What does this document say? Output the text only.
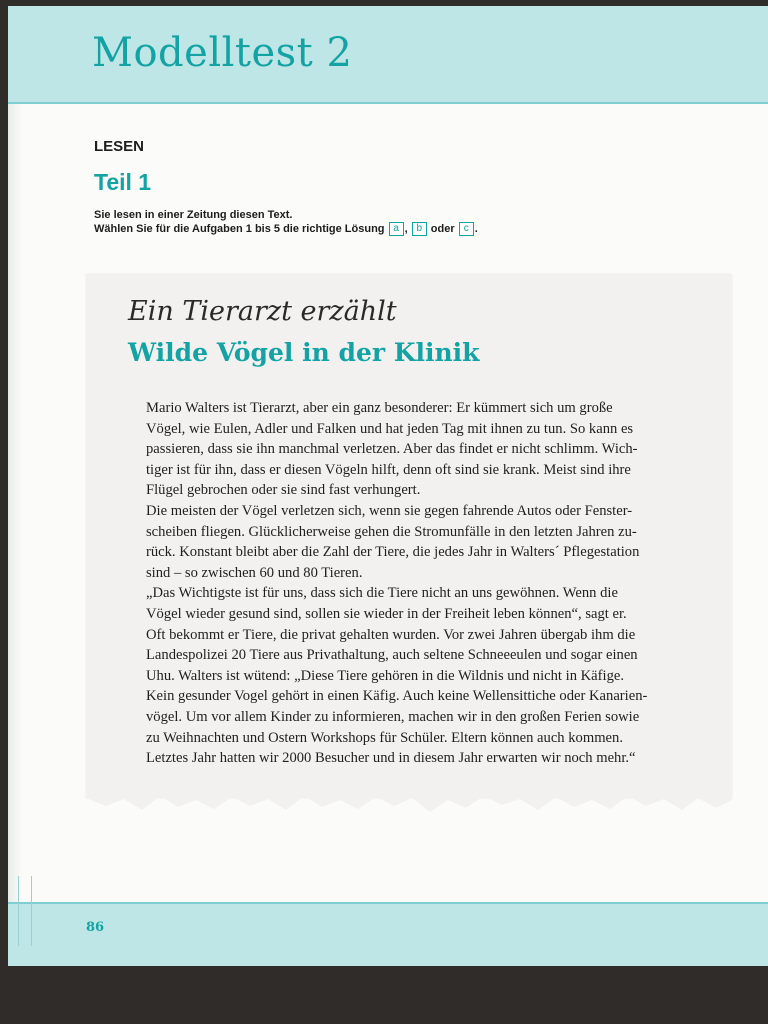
Modelltest 2
LESEN
Teil 1
Sie lesen in einer Zeitung diesen Text.
Wählen Sie für die Aufgaben 1 bis 5 die richtige Lösung a , b oder c .
86
Ein Tierarzt erzählt
Wilde Vögel in der Klinik
Mario Walters ist Tierarzt, aber ein ganz besonderer: Er kümmert sich um große
Vögel, wie Eulen, Adler und Falken und hat jeden Tag mit ihnen zu tun. So kann es
passieren, dass sie ihn manchmal verletzen. Aber das findet er nicht schlimm. Wich-
tiger ist für ihn, dass er diesen Vögeln hilft, denn oft sind sie krank. Meist sind ihre
Flügel gebrochen oder sie sind fast verhungert.
Die meisten der Vögel verletzen sich, wenn sie gegen fahrende Autos oder Fenster-
scheiben fliegen. Glücklicherweise gehen die Stromunfälle in den letzten Jahren zu-
rück. Konstant bleibt aber die Zahl der Tiere, die jedes Jahr in Walters´ Pflegestation
sind – so zwischen 60 und 80 Tieren.
„Das Wichtigste ist für uns, dass sich die Tiere nicht an uns gewöhnen. Wenn die
Vögel wieder gesund sind, sollen sie wieder in der Freiheit leben können“, sagt er.
Oft bekommt er Tiere, die privat gehalten wurden. Vor zwei Jahren übergab ihm die
Landespolizei 20 Tiere aus Privathaltung, auch seltene Schneeeulen und sogar einen
Uhu. Walters ist wütend: „Diese Tiere gehören in die Wildnis und nicht in Käfige.
Kein gesunder Vogel gehört in einen Käfig. Auch keine Wellensittiche oder Kanarien-
vögel. Um vor allem Kinder zu informieren, machen wir in den großen Ferien sowie
zu Weihnachten und Ostern Workshops für Schüler. Eltern können auch kommen.
Letztes Jahr hatten wir 2000 Besucher und in diesem Jahr erwarten wir noch mehr.“
